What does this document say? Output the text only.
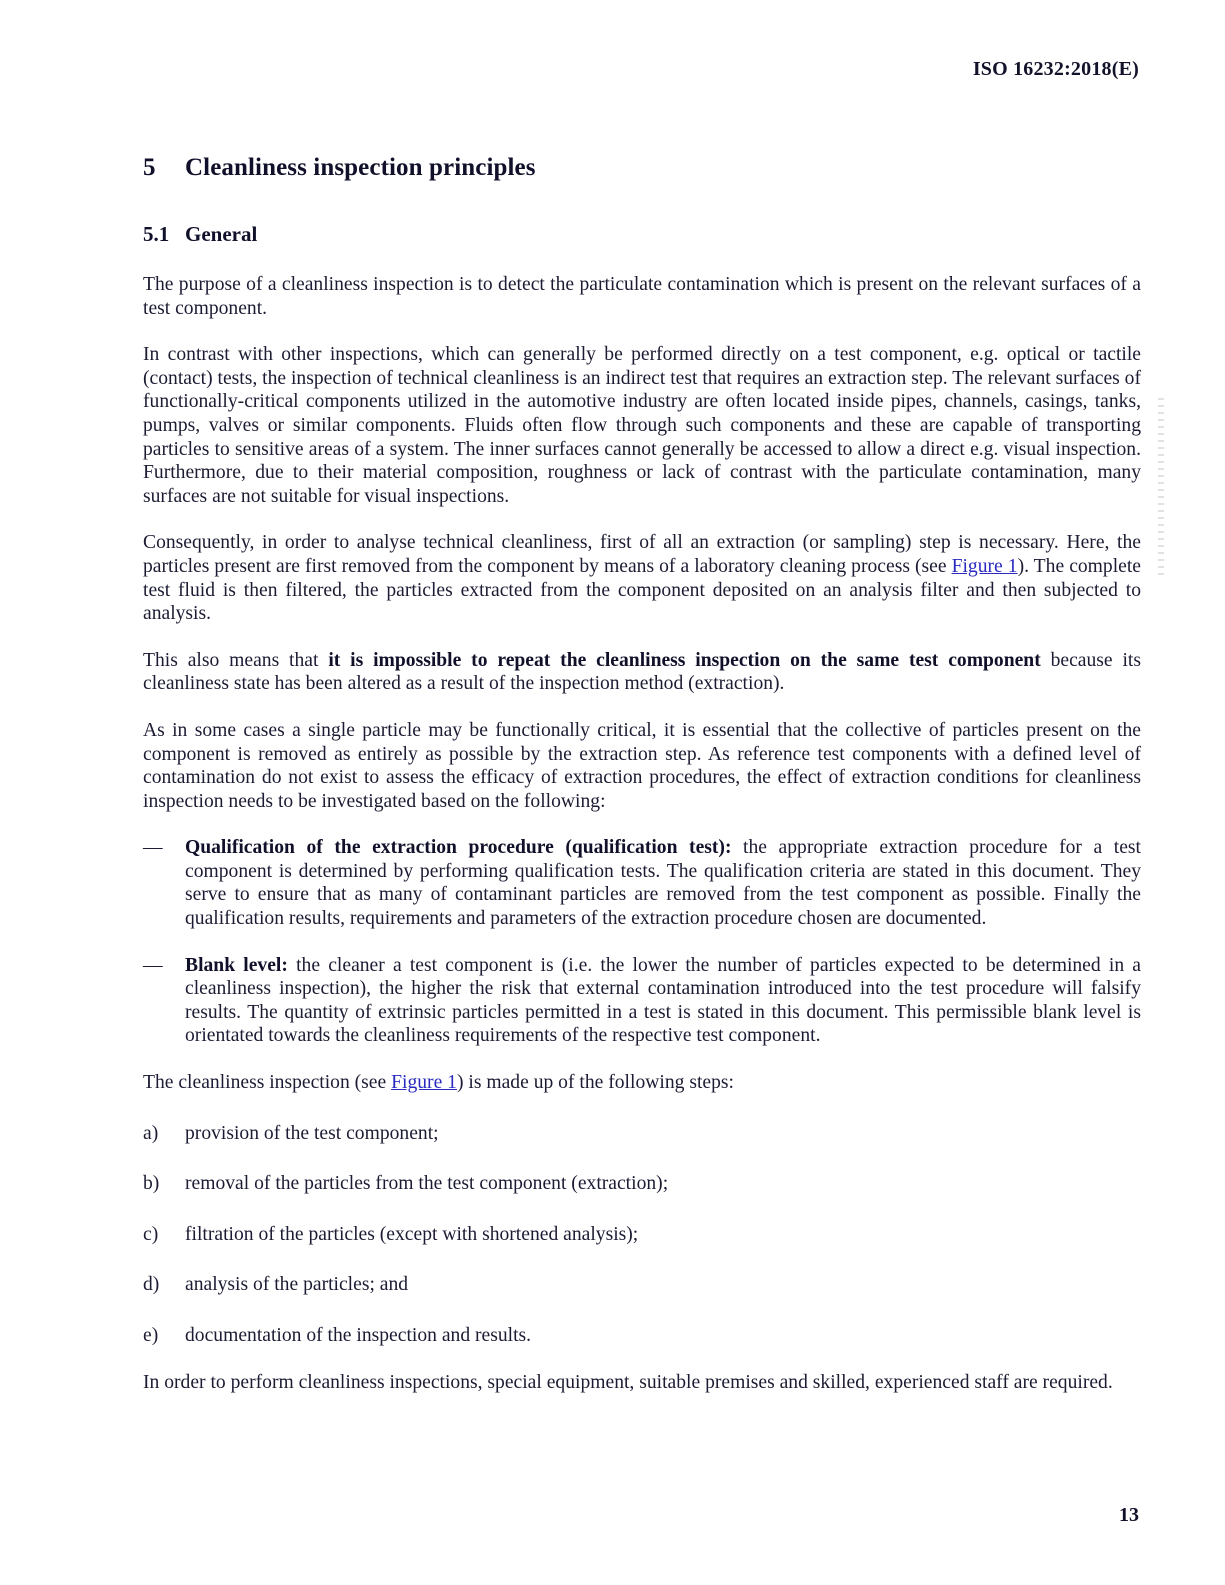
ISO 16232:2018(E)
5 Cleanliness inspection principles
5.1 General

The purpose of a cleanliness inspection is to detect the particulate contamination which is present on the relevant surfaces of a test component.

In contrast with other inspections, which can generally be performed directly on a test component, e.g. optical or tactile (contact) tests, the inspection of technical cleanliness is an indirect test that requires an extraction step. The relevant surfaces of functionally-critical components utilized in the automotive industry are often located inside pipes, channels, casings, tanks, pumps, valves or similar components. Fluids often flow through such components and these are capable of transporting particles to sensitive areas of a system. The inner surfaces cannot generally be accessed to allow a direct e.g. visual inspection. Furthermore, due to their material composition, roughness or lack of contrast with the particulate contamination, many surfaces are not suitable for visual inspections.

Consequently, in order to analyse technical cleanliness, first of all an extraction (or sampling) step is necessary. Here, the particles present are first removed from the component by means of a laboratory cleaning process (see Figure 1). The complete test fluid is then filtered, the particles extracted from the component deposited on an analysis filter and then subjected to analysis.

This also means that it is impossible to repeat the cleanliness inspection on the same test component because its cleanliness state has been altered as a result of the inspection method (extraction).

As in some cases a single particle may be functionally critical, it is essential that the collective of particles present on the component is removed as entirely as possible by the extraction step. As reference test components with a defined level of contamination do not exist to assess the efficacy of extraction procedures, the effect of extraction conditions for cleanliness inspection needs to be investigated based on the following:

—	Qualification of the extraction procedure (qualification test): the appropriate extraction procedure for a test component is determined by performing qualification tests. The qualification criteria are stated in this document. They serve to ensure that as many of contaminant particles are removed from the test component as possible. Finally the qualification results, requirements and parameters of the extraction procedure chosen are documented.
—	Blank level: the cleaner a test component is (i.e. the lower the number of particles expected to be determined in a cleanliness inspection), the higher the risk that external contamination introduced into the test procedure will falsify results. The quantity of extrinsic particles permitted in a test is stated in this document. This permissible blank level is orientated towards the cleanliness requirements of the respective test component.

The cleanliness inspection (see Figure 1) is made up of the following steps:

a)	provision of the test component;
b)	removal of the particles from the test component (extraction);
c)	filtration of the particles (except with shortened analysis);
d)	analysis of the particles; and
e)	documentation of the inspection and results.

In order to perform cleanliness inspections, special equipment, suitable premises and skilled, experienced staff are required.

13
